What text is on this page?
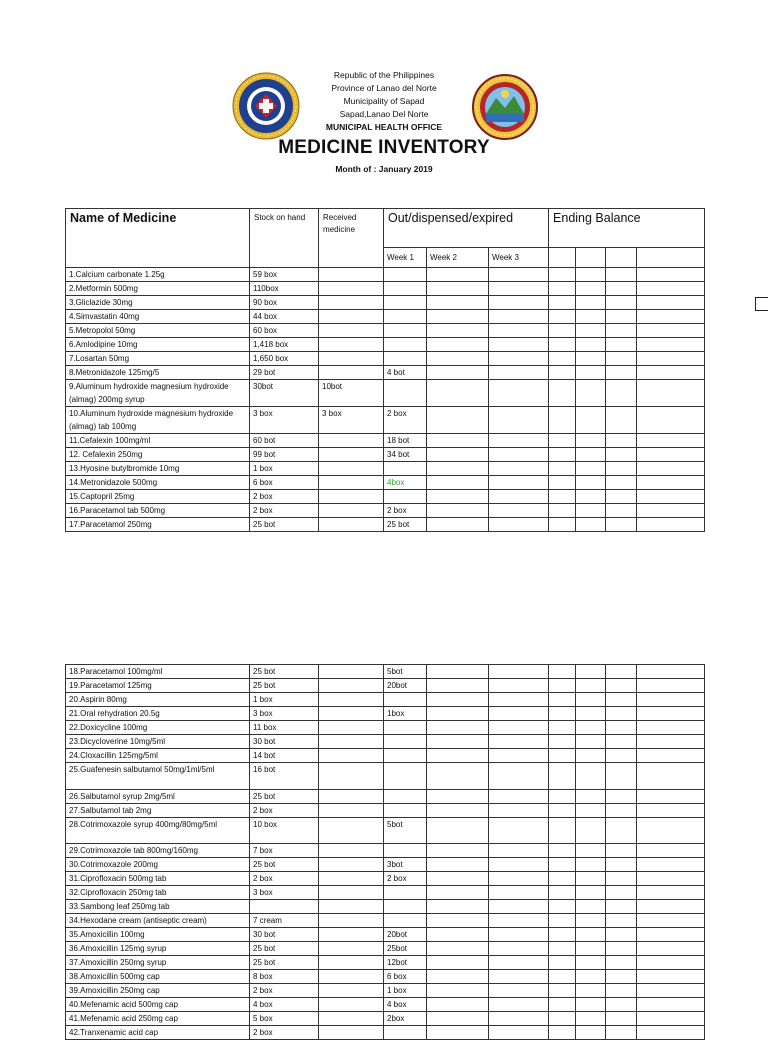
Republic of the Philippines
Province of Lanao del Norte
Municipality of Sapad
Sapad,Lanao Del Norte
MUNICIPAL HEALTH OFFICE
MEDICINE INVENTORY
Month of : January 2019
Name of Medicine	Stock on hand	Received medicine	Out/dispensed/expired			Ending Balance			
			Week 1	Week 2	Week 3				
1.Calcium carbonate 1.25g	59 box								
2.Metformin 500mg	110box								
3.Gliclazide 30mg	90 box								
4.Simvastatin 40mg	44 box								
5.Metropolol 50mg	60 box								
6.Amlodipine 10mg	1,418 box								
7.Losartan 50mg	1,650 box								
8.Metronidazole 125mg/5	29 bot		4 bot						
9.Aluminum hydroxide magnesium hydroxide (almag) 200mg syrup	30bot	10bot							
10.Aluminum hydroxide magnesium hydroxide (almag) tab 100mg	3 box	3 box	2 box						
11.Cefalexin 100mg/ml	60 bot		18 bot						
12. Cefalexin 250mg	99 bot		34 bot						
13.Hyosine butylbromide 10mg	1 box								
14.Metronidazole 500mg	6 box		4box						
15.Captopril 25mg	2 box								
16.Paracetamol tab 500mg	2 box		2 box						
17.Paracetamol 250mg	25 bot		25 bot						
18.Paracetamol 100mg/ml	25 bot		5bot						
19.Paracetamol 125mg	25 bot		20bot						
20.Aspirin 80mg	1 box								
21.Oral rehydration 20.5g	3 box		1box						
22.Doxicycline 100mg	11 box								
23.Dicycloverine 10mg/5ml	30 bot								
24.Cloxacillin 125mg/5ml	14 bot								
25.Guafenesin salbutamol 50mg/1ml/5ml	16 bot								
26.Salbutamol syrup 2mg/5ml	25 bot								
27.Salbutamol tab 2mg	2 box								
28.Cotrimoxazole syrup 400mg/80mg/5ml	10 box		5bot						
29.Cotrimoxazole tab 800mg/160mg	7 box								
30.Cotrimoxazole 200mg	25 bot		3bot						
31.Ciprofloxacin 500mg tab	2 box		2 box						
32.Ciprofloxacin 250mg tab	3 box								
33.Sambong leaf 250mg tab									
34.Hexodane cream (antiseptic cream)	7 cream								
35.Amoxicillin 100mg	30 bot		20bot						
36.Amoxicillin 125mg syrup	25 bot		25bot						
37.Amoxicillin 250mg syrup	25 bot		12bot						
38.Amoxicillin 500mg cap	8 box		6 box						
39.Amoxicillin 250mg cap	2 box		1 box						
40.Mefenamic acid 500mg cap	4 box		4 box						
41.Mefenamic acid 250mg cap	5 box		2box						
42.Tranxenamic acid cap	2 box								
